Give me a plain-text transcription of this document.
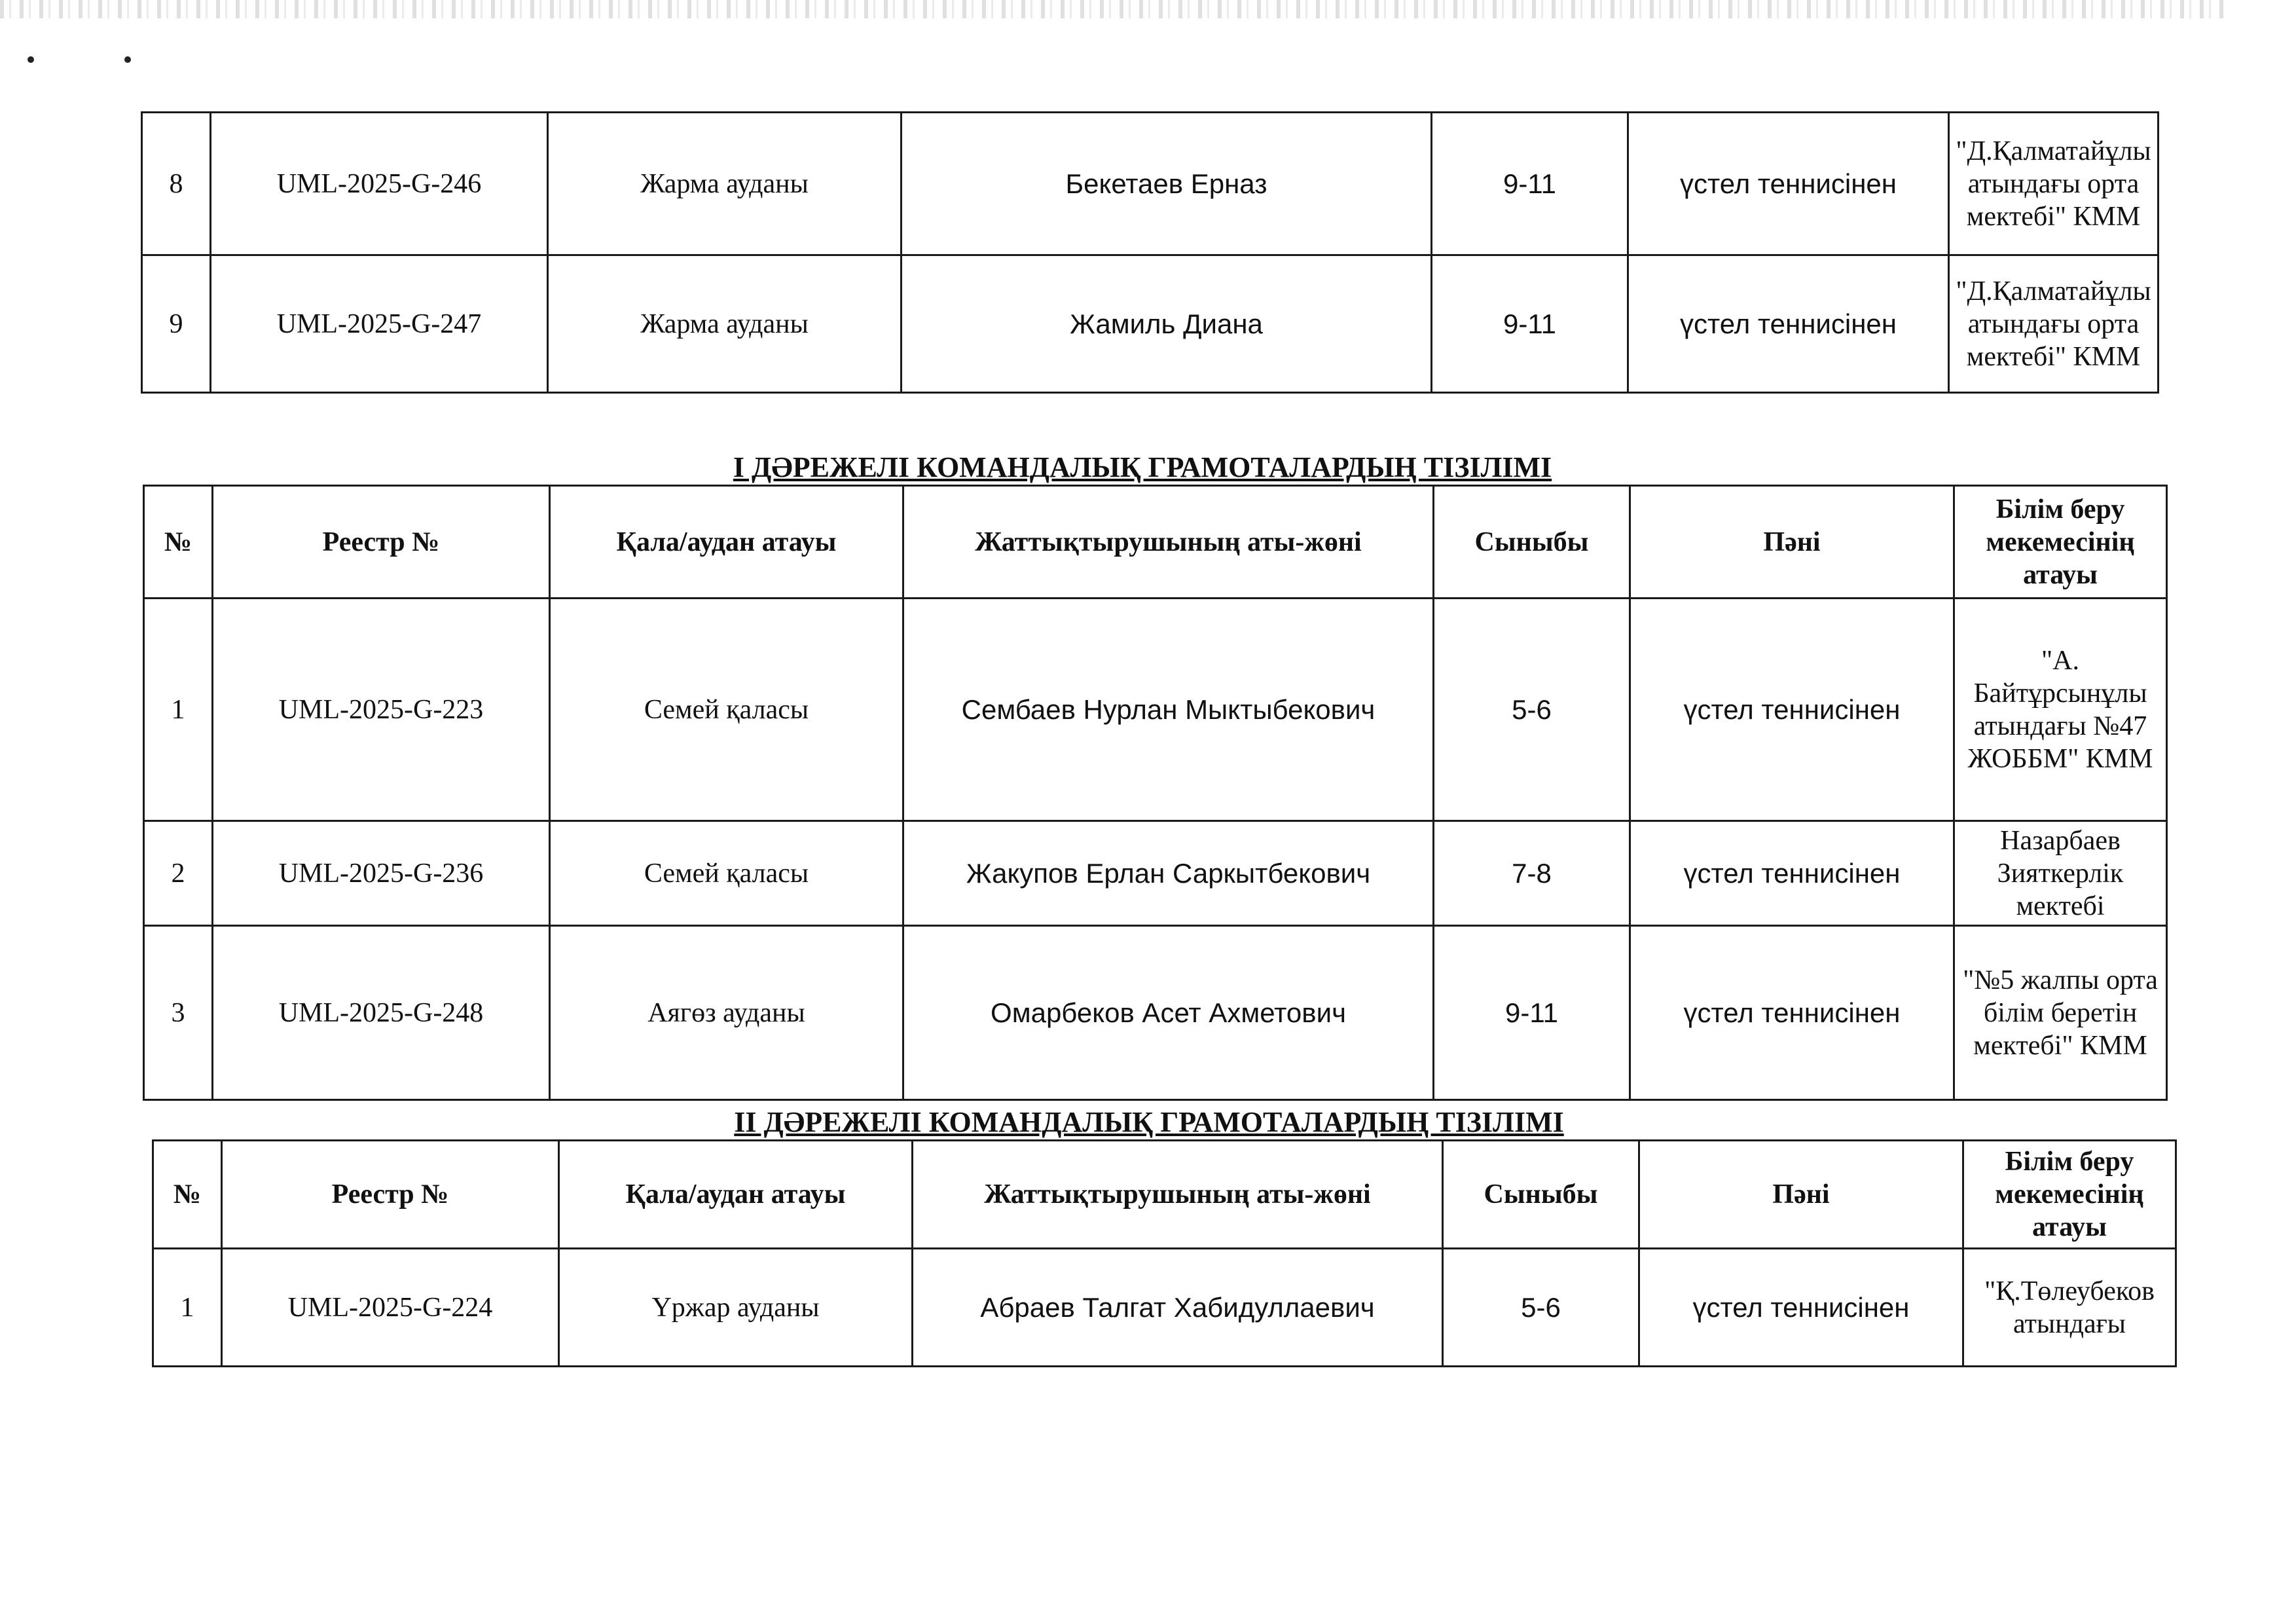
8	UML-2025-G-246	Жарма ауданы	Бекетаев Ерназ	9-11	үстел теннисінен	"Д.Қалматайұлы атындағы орта мектебі" КММ
9	UML-2025-G-247	Жарма ауданы	Жамиль Диана	9-11	үстел теннисінен	"Д.Қалматайұлы атындағы орта мектебі" КММ
I ДӘРЕЖЕЛІ КОМАНДАЛЫҚ ГРАМОТАЛАРДЫҢ ТІЗІЛІМІ
№	Реестр №	Қала/аудан атауы	Жаттықтырушының аты-жөні	Сыныбы	Пәні	Білім беру мекемесінің атауы
1	UML-2025-G-223	Семей қаласы	Сембаев Нурлан Мыктыбекович	5-6	үстел теннисінен	"А. Байтұрсынұлы атындағы №47 ЖОББМ" КММ
2	UML-2025-G-236	Семей қаласы	Жакупов Ерлан Саркытбекович	7-8	үстел теннисінен	Назарбаев Зияткерлік мектебі
3	UML-2025-G-248	Аягөз ауданы	Омарбеков Асет Ахметович	9-11	үстел теннисінен	"№5 жалпы орта білім беретін мектебі" КММ
II ДӘРЕЖЕЛІ КОМАНДАЛЫҚ ГРАМОТАЛАРДЫҢ ТІЗІЛІМІ
№	Реестр №	Қала/аудан атауы	Жаттықтырушының аты-жөні	Сыныбы	Пәні	Білім беру мекемесінің атауы
1	UML-2025-G-224	Үржар ауданы	Абраев Талгат Хабидуллаевич	5-6	үстел теннисінен	"Қ.Төлеубеков атындағы
